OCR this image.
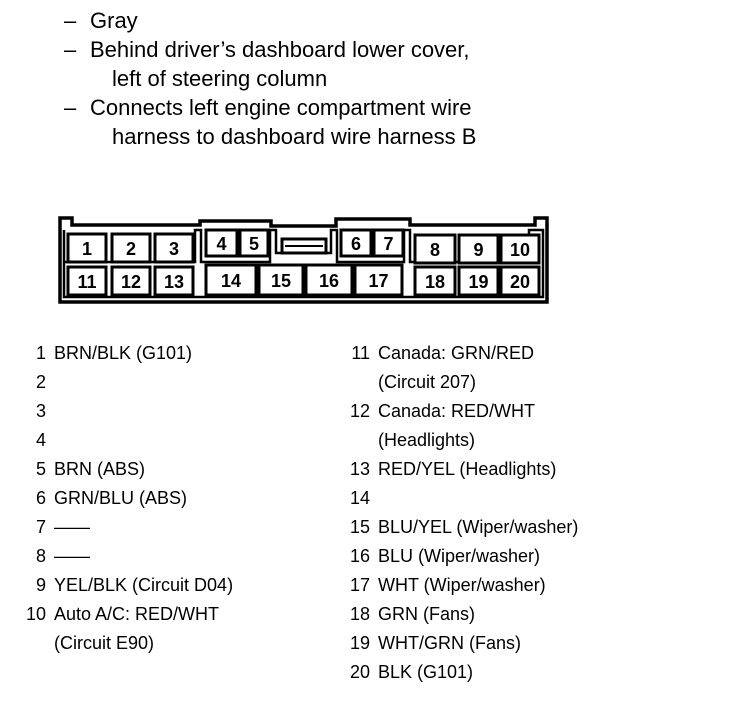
– Gray
– Behind driver’s dashboard lower cover,
left of steering column
– Connects left engine compartment wire
harness to dashboard wire harness B
1 2 3 4 5	6 7 8 9 10
11 12 13 14 15 16 17 18 19 20
1 BRN/BLK (G101)
2

3

4

5 BRN (ABS)
6 GRN/BLU (ABS)
7 ——
8 ——
9 YEL/BLK (Circuit D04)
10 Auto A/C: RED/WHT
(Circuit E90)
11 Canada: GRN/RED
(Circuit 207)
12 Canada: RED/WHT
(Headlights)
13 RED/YEL (Headlights)
14

15 BLU/YEL (Wiper/washer)
16 BLU (Wiper/washer)
17 WHT (Wiper/washer)
18 GRN (Fans)
19 WHT/GRN (Fans)
20 BLK (G101)
